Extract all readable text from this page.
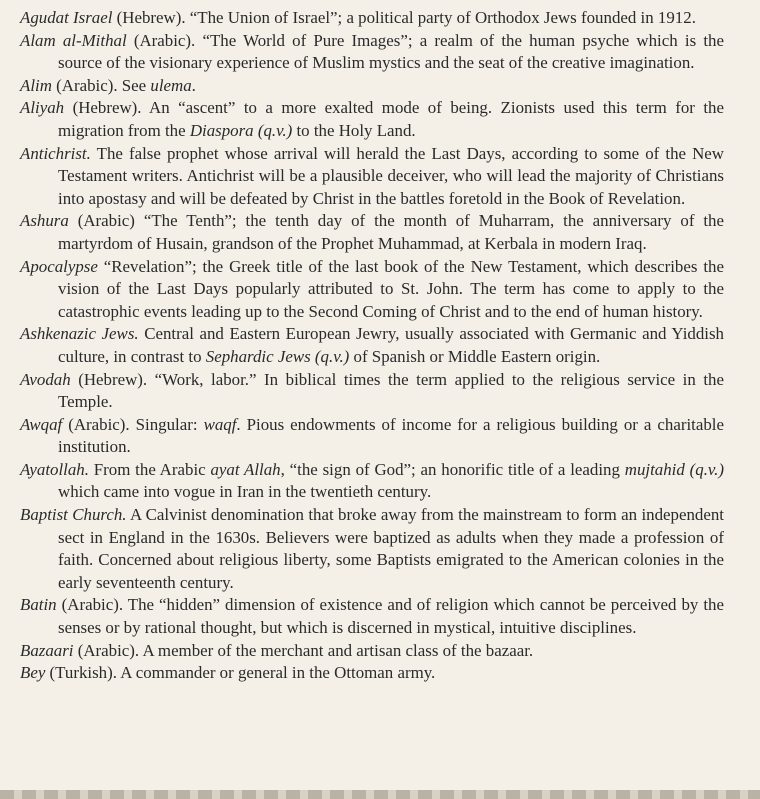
Agudat Israel (Hebrew). “The Union of Israel”; a political party of Orthodox Jews founded in 1912.

Alam al-Mithal (Arabic). “The World of Pure Images”; a realm of the human psyche which is the source of the visionary experience of Muslim mystics and the seat of the creative imagination.

Alim (Arabic). See ulema.

Aliyah (Hebrew). An “ascent” to a more exalted mode of being. Zionists used this term for the migration from the Diaspora (q.v.) to the Holy Land.

Antichrist. The false prophet whose arrival will herald the Last Days, according to some of the New Testament writers. Antichrist will be a plausible deceiver, who will lead the majority of Christians into apostasy and will be defeated by Christ in the battles foretold in the Book of Revelation.

Ashura (Arabic) “The Tenth”; the tenth day of the month of Muharram, the anniversary of the martyrdom of Husain, grandson of the Prophet Muhammad, at Kerbala in modern Iraq.

Apocalypse “Revelation”; the Greek title of the last book of the New Testament, which describes the vision of the Last Days popularly attributed to St. John. The term has come to apply to the catastrophic events leading up to the Second Coming of Christ and to the end of human history.

Ashkenazic Jews. Central and Eastern European Jewry, usually associated with Germanic and Yiddish culture, in contrast to Sephardic Jews (q.v.) of Spanish or Middle Eastern origin.

Avodah (Hebrew). “Work, labor.” In biblical times the term applied to the religious service in the Temple.

Awqaf (Arabic). Singular: waqf. Pious endowments of income for a religious building or a charitable institution.

Ayatollah. From the Arabic ayat Allah, “the sign of God”; an honorific title of a leading mujtahid (q.v.) which came into vogue in Iran in the twentieth century.

Baptist Church. A Calvinist denomination that broke away from the mainstream to form an independent sect in England in the 1630s. Believers were baptized as adults when they made a profession of faith. Concerned about religious liberty, some Baptists emigrated to the American colonies in the early seventeenth century.

Batin (Arabic). The “hidden” dimension of existence and of religion which cannot be perceived by the senses or by rational thought, but which is discerned in mystical, intuitive disciplines.

Bazaari (Arabic). A member of the merchant and artisan class of the bazaar.

Bey (Turkish). A commander or general in the Ottoman army.
